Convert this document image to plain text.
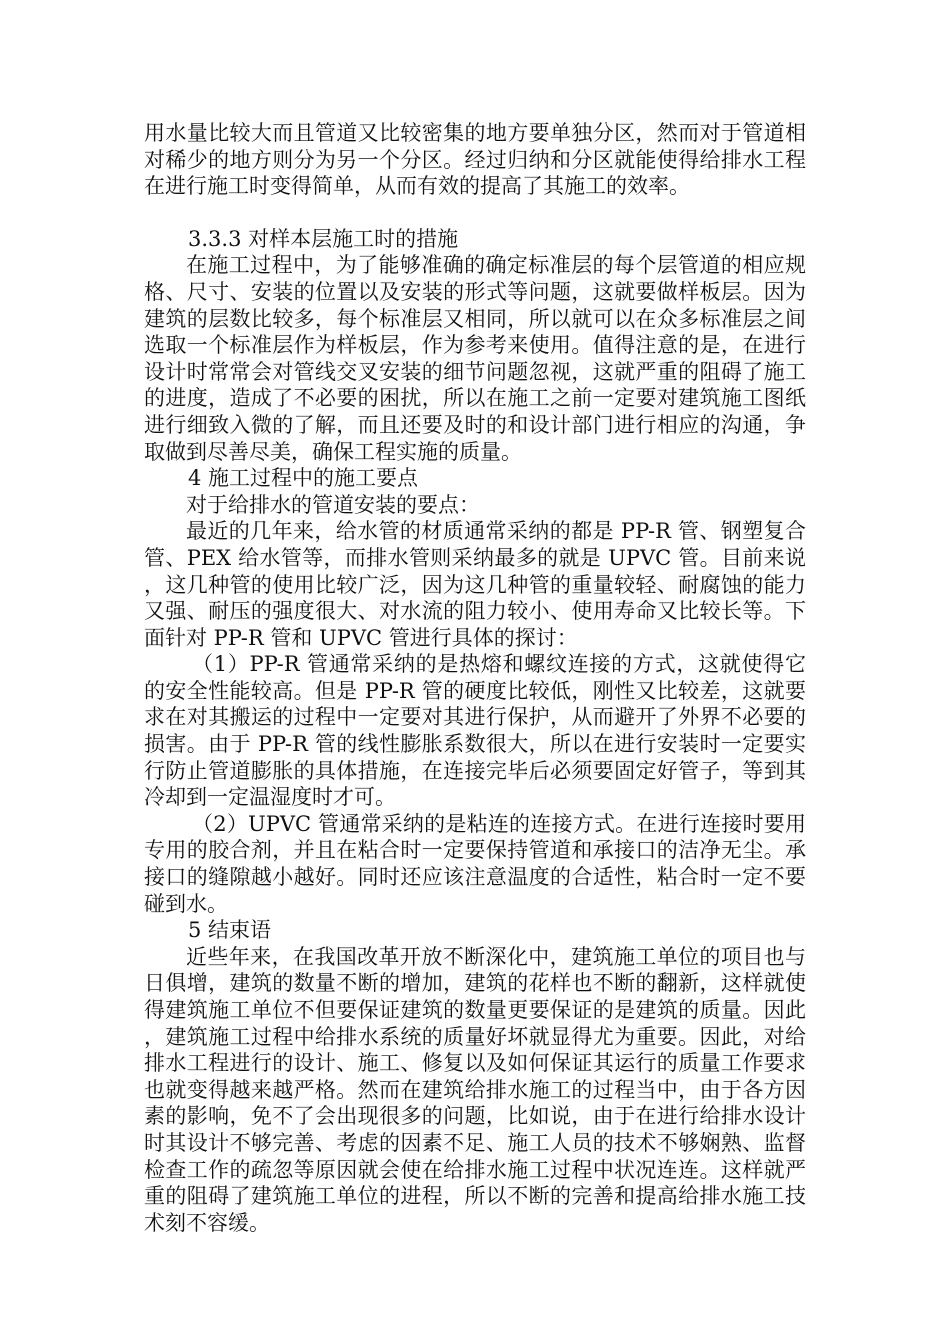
用水量比较大而且管道又比较密集的地方要单独分区，然而对于管道相对稀少的地方则分为另一个分区。经过归纳和分区就能使得给排水工程在进行施工时变得简单，从而有效的提高了其施工的效率。

3.3.3 对样本层施工时的措施

在施工过程中，为了能够准确的确定标准层的每个层管道的相应规格、尺寸、安装的位置以及安装的形式等问题，这就要做样板层。因为建筑的层数比较多，每个标准层又相同，所以就可以在众多标准层之间选取一个标准层作为样板层，作为参考来使用。值得注意的是，在进行设计时常常会对管线交叉安装的细节问题忽视，这就严重的阻碍了施工的进度，造成了不必要的困扰，所以在施工之前一定要对建筑施工图纸进行细致入微的了解，而且还要及时的和设计部门进行相应的沟通，争取做到尽善尽美，确保工程实施的质量。

4 施工过程中的施工要点

对于给排水的管道安装的要点：

最近的几年来，给水管的材质通常采纳的都是 PP-R 管、钢塑复合管、PEX 给水管等，而排水管则采纳最多的就是 UPVC 管。目前来说，这几种管的使用比较广泛，因为这几种管的重量较轻、耐腐蚀的能力又强、耐压的强度很大、对水流的阻力较小、使用寿命又比较长等。下面针对 PP-R 管和 UPVC 管进行具体的探讨：

（1）PP-R 管通常采纳的是热熔和螺纹连接的方式，这就使得它的安全性能较高。但是 PP-R 管的硬度比较低，刚性又比较差，这就要求在对其搬运的过程中一定要对其进行保护，从而避开了外界不必要的损害。由于 PP-R 管的线性膨胀系数很大，所以在进行安装时一定要实行防止管道膨胀的具体措施，在连接完毕后必须要固定好管子，等到其冷却到一定温湿度时才可。

（2）UPVC 管通常采纳的是粘连的连接方式。在进行连接时要用专用的胶合剂，并且在粘合时一定要保持管道和承接口的洁净无尘。承接口的缝隙越小越好。同时还应该注意温度的合适性，粘合时一定不要碰到水。

5 结束语

近些年来，在我国改革开放不断深化中，建筑施工单位的项目也与日俱增，建筑的数量不断的增加，建筑的花样也不断的翻新，这样就使得建筑施工单位不但要保证建筑的数量更要保证的是建筑的质量。因此，建筑施工过程中给排水系统的质量好坏就显得尤为重要。因此，对给排水工程进行的设计、施工、修复以及如何保证其运行的质量工作要求也就变得越来越严格。然而在建筑给排水施工的过程当中，由于各方因素的影响，免不了会出现很多的问题，比如说，由于在进行给排水设计时其设计不够完善、考虑的因素不足、施工人员的技术不够娴熟、监督检查工作的疏忽等原因就会使在给排水施工过程中状况连连。这样就严重的阻碍了建筑施工单位的进程，所以不断的完善和提高给排水施工技术刻不容缓。
